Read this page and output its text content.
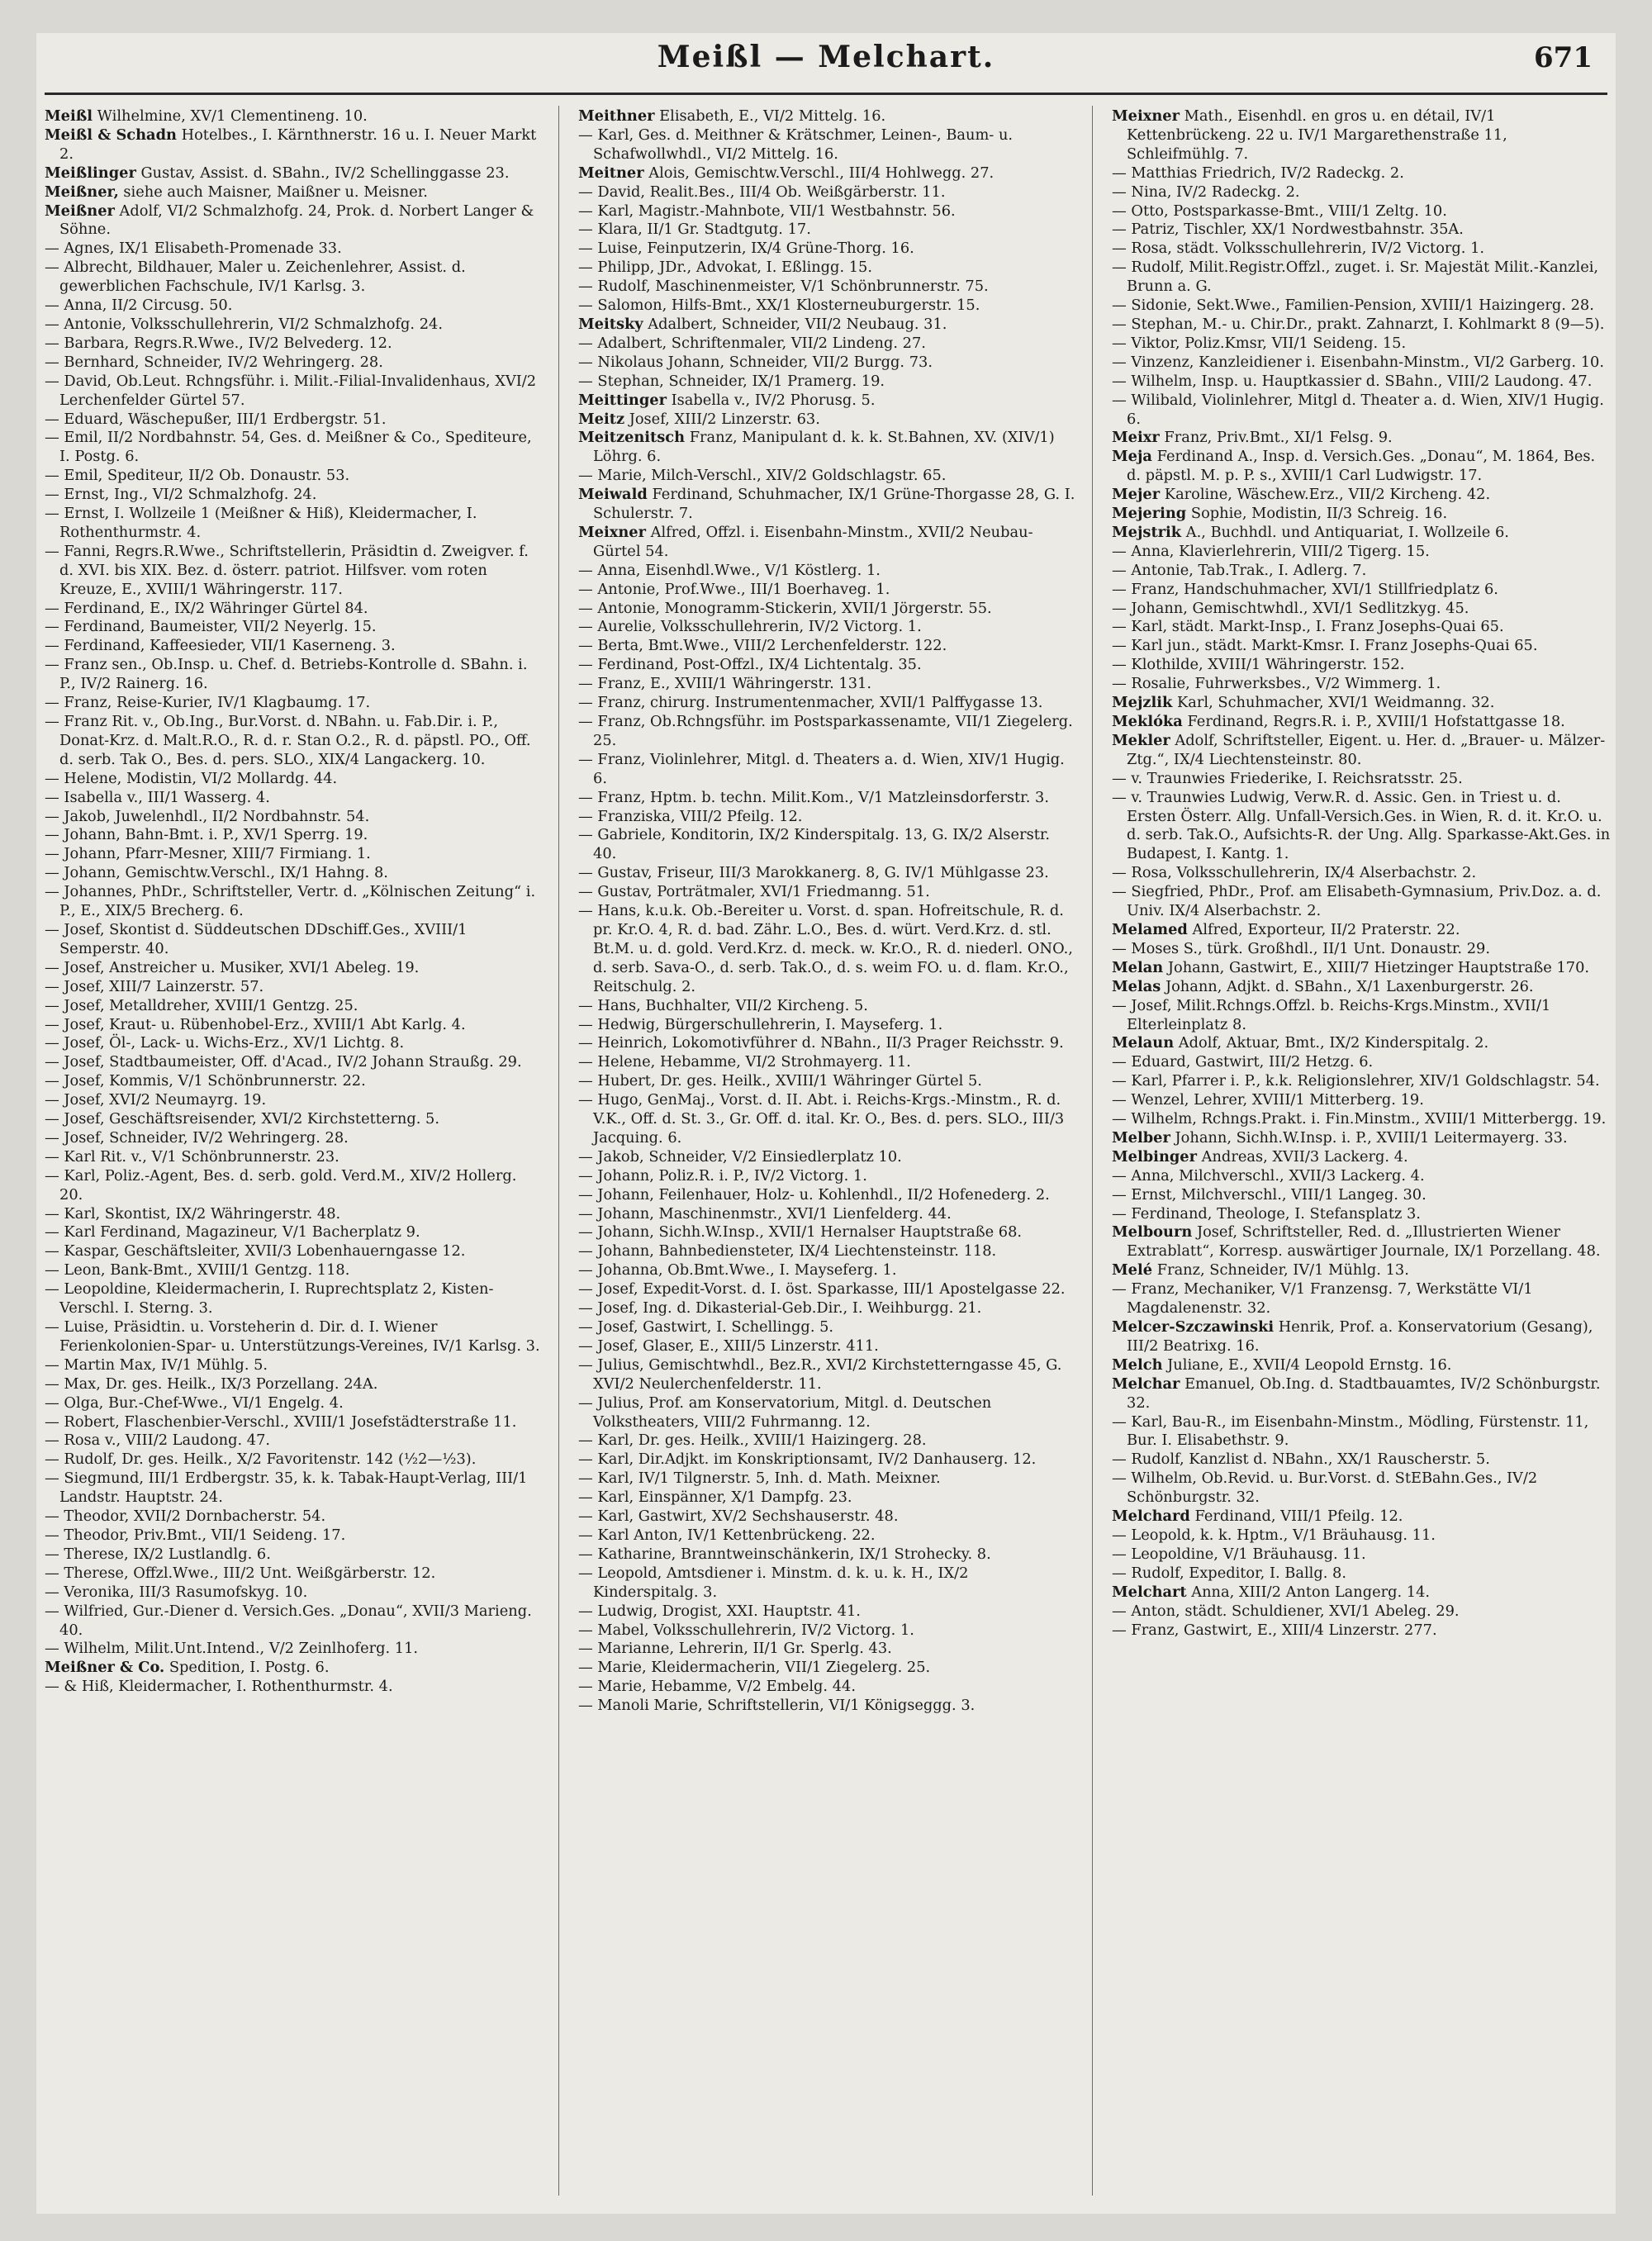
Meißl — Melchart.	671

Meißl Wilhelmine, XV/1 Clementineng. 10.

Meißl & Schadn Hotelbes., I. Kärnthnerstr. 16 u. I. Neuer Markt 2.

Meißlinger Gustav, Assist. d. SBahn., IV/2 Schellinggasse 23.

Meißner, siehe auch Maisner, Maißner u. Meisner.

Meißner Adolf, VI/2 Schmalzhofg. 24, Prok. d. Norbert Langer & Söhne.

— Agnes, IX/1 Elisabeth-Promenade 33.

— Albrecht, Bildhauer, Maler u. Zeichenlehrer, Assist. d. gewerblichen Fachschule, IV/1 Karlsg. 3.

— Anna, II/2 Circusg. 50.

— Antonie, Volksschullehrerin, VI/2 Schmalzhofg. 24.

— Barbara, Regrs.R.Wwe., IV/2 Belvederg. 12.

— Bernhard, Schneider, IV/2 Wehringerg. 28.

— David, Ob.Leut. Rchngsführ. i. Milit.-Filial-Invalidenhaus, XVI/2 Lerchenfelder Gürtel 57.

— Eduard, Wäschepußer, III/1 Erdbergstr. 51.

— Emil, II/2 Nordbahnstr. 54, Ges. d. Meißner & Co., Spediteure, I. Postg. 6.

— Emil, Spediteur, II/2 Ob. Donaustr. 53.

— Ernst, Ing., VI/2 Schmalzhofg. 24.

— Ernst, I. Wollzeile 1 (Meißner & Hiß), Kleidermacher, I. Rothenthurmstr. 4.

— Fanni, Regrs.R.Wwe., Schriftstellerin, Präsidtin d. Zweigver. f. d. XVI. bis XIX. Bez. d. österr. patriot. Hilfsver. vom roten Kreuze, E., XVIII/1 Währingerstr. 117.

— Ferdinand, E., IX/2 Währinger Gürtel 84.

— Ferdinand, Baumeister, VII/2 Neyerlg. 15.

— Ferdinand, Kaffeesieder, VII/1 Kaserneng. 3.

— Franz sen., Ob.Insp. u. Chef. d. Betriebs-Kontrolle d. SBahn. i. P., IV/2 Rainerg. 16.

— Franz, Reise-Kurier, IV/1 Klagbaumg. 17.

— Franz Rit. v., Ob.Ing., Bur.Vorst. d. NBahn. u. Fab.Dir. i. P., Donat-Krz. d. Malt.R.O., R. d. r. Stan O.2., R. d. päpstl. PO., Off. d. serb. Tak O., Bes. d. pers. SLO., XIX/4 Langackerg. 10.

— Helene, Modistin, VI/2 Mollardg. 44.

— Isabella v., III/1 Wasserg. 4.

— Jakob, Juwelenhdl., II/2 Nordbahnstr. 54.

— Johann, Bahn-Bmt. i. P., XV/1 Sperrg. 19.

— Johann, Pfarr-Mesner, XIII/7 Firmiang. 1.

— Johann, Gemischtw.Verschl., IX/1 Hahng. 8.

— Johannes, PhDr., Schriftsteller, Vertr. d. „Kölnischen Zeitung“ i. P., E., XIX/5 Brecherg. 6.

— Josef, Skontist d. Süddeutschen DDschiff.Ges., XVIII/1 Semperstr. 40.

— Josef, Anstreicher u. Musiker, XVI/1 Abeleg. 19.

— Josef, XIII/7 Lainzerstr. 57.

— Josef, Metalldreher, XVIII/1 Gentzg. 25.

— Josef, Kraut- u. Rübenhobel-Erz., XVIII/1 Abt Karlg. 4.

— Josef, Öl-, Lack- u. Wichs-Erz., XV/1 Lichtg. 8.

— Josef, Stadtbaumeister, Off. d'Acad., IV/2 Johann Straußg. 29.

— Josef, Kommis, V/1 Schönbrunnerstr. 22.

— Josef, XVI/2 Neumayrg. 19.

— Josef, Geschäftsreisender, XVI/2 Kirchstetterng. 5.

— Josef, Schneider, IV/2 Wehringerg. 28.

— Karl Rit. v., V/1 Schönbrunnerstr. 23.

— Karl, Poliz.-Agent, Bes. d. serb. gold. Verd.M., XIV/2 Hollerg. 20.

— Karl, Skontist, IX/2 Währingerstr. 48.

— Karl Ferdinand, Magazineur, V/1 Bacherplatz 9.

— Kaspar, Geschäftsleiter, XVII/3 Lobenhauerngasse 12.

— Leon, Bank-Bmt., XVIII/1 Gentzg. 118.

— Leopoldine, Kleidermacherin, I. Ruprechtsplatz 2, Kisten-Verschl. I. Sterng. 3.

— Luise, Präsidtin. u. Vorsteherin d. Dir. d. I. Wiener Ferienkolonien-Spar- u. Unterstützungs-Vereines, IV/1 Karlsg. 3.

— Martin Max, IV/1 Mühlg. 5.

— Max, Dr. ges. Heilk., IX/3 Porzellang. 24A.

— Olga, Bur.-Chef-Wwe., VI/1 Engelg. 4.

— Robert, Flaschenbier-Verschl., XVIII/1 Josefstädterstraße 11.

— Rosa v., VIII/2 Laudong. 47.

— Rudolf, Dr. ges. Heilk., X/2 Favoritenstr. 142 (½2—½3).

— Siegmund, III/1 Erdbergstr. 35, k. k. Tabak-Haupt-Verlag, III/1 Landstr. Hauptstr. 24.

— Theodor, XVII/2 Dornbacherstr. 54.

— Theodor, Priv.Bmt., VII/1 Seideng. 17.

— Therese, IX/2 Lustlandlg. 6.

— Therese, Offzl.Wwe., III/2 Unt. Weißgärberstr. 12.

— Veronika, III/3 Rasumofskyg. 10.

— Wilfried, Gur.-Diener d. Versich.Ges. „Donau“, XVII/3 Marieng. 40.

— Wilhelm, Milit.Unt.Intend., V/2 Zeinlhoferg. 11.

Meißner & Co. Spedition, I. Postg. 6.

— & Hiß, Kleidermacher, I. Rothenthurmstr. 4.

Meithner Elisabeth, E., VI/2 Mittelg. 16.

— Karl, Ges. d. Meithner & Krätschmer, Leinen-, Baum- u. Schafwollwhdl., VI/2 Mittelg. 16.

Meitner Alois, Gemischtw.Verschl., III/4 Hohlwegg. 27.

— David, Realit.Bes., III/4 Ob. Weißgärberstr. 11.

— Karl, Magistr.-Mahnbote, VII/1 Westbahnstr. 56.

— Klara, II/1 Gr. Stadtgutg. 17.

— Luise, Feinputzerin, IX/4 Grüne-Thorg. 16.

— Philipp, JDr., Advokat, I. Eßlingg. 15.

— Rudolf, Maschinenmeister, V/1 Schönbrunnerstr. 75.

— Salomon, Hilfs-Bmt., XX/1 Klosterneuburgerstr. 15.

Meitsky Adalbert, Schneider, VII/2 Neubaug. 31.

— Adalbert, Schriftenmaler, VII/2 Lindeng. 27.

— Nikolaus Johann, Schneider, VII/2 Burgg. 73.

— Stephan, Schneider, IX/1 Pramerg. 19.

Meittinger Isabella v., IV/2 Phorusg. 5.

Meitz Josef, XIII/2 Linzerstr. 63.

Meitzenitsch Franz, Manipulant d. k. k. St.Bahnen, XV. (XIV/1) Löhrg. 6.

— Marie, Milch-Verschl., XIV/2 Goldschlagstr. 65.

Meiwald Ferdinand, Schuhmacher, IX/1 Grüne-Thorgasse 28, G. I. Schulerstr. 7.

Meixner Alfred, Offzl. i. Eisenbahn-Minstm., XVII/2 Neubau-Gürtel 54.

— Anna, Eisenhdl.Wwe., V/1 Köstlerg. 1.

— Antonie, Prof.Wwe., III/1 Boerhaveg. 1.

— Antonie, Monogramm-Stickerin, XVII/1 Jörgerstr. 55.

— Aurelie, Volksschullehrerin, IV/2 Victorg. 1.

— Berta, Bmt.Wwe., VIII/2 Lerchenfelderstr. 122.

— Ferdinand, Post-Offzl., IX/4 Lichtentalg. 35.

— Franz, E., XVIII/1 Währingerstr. 131.

— Franz, chirurg. Instrumentenmacher, XVII/1 Palffygasse 13.

— Franz, Ob.Rchngsführ. im Postsparkassenamte, VII/1 Ziegelerg. 25.

— Franz, Violinlehrer, Mitgl. d. Theaters a. d. Wien, XIV/1 Hugig. 6.

— Franz, Hptm. b. techn. Milit.Kom., V/1 Matzleinsdorferstr. 3.

— Franziska, VIII/2 Pfeilg. 12.

— Gabriele, Konditorin, IX/2 Kinderspitalg. 13, G. IX/2 Alserstr. 40.

— Gustav, Friseur, III/3 Marokkanerg. 8, G. IV/1 Mühlgasse 23.

— Gustav, Porträtmaler, XVI/1 Friedmanng. 51.

— Hans, k.u.k. Ob.-Bereiter u. Vorst. d. span. Hofreitschule, R. d. pr. Kr.O. 4, R. d. bad. Zähr. L.O., Bes. d. würt. Verd.Krz. d. stl. Bt.M. u. d. gold. Verd.Krz. d. meck. w. Kr.O., R. d. niederl. ONO., d. serb. Sava-O., d. serb. Tak.O., d. s. weim FO. u. d. flam. Kr.O., Reitschulg. 2.

— Hans, Buchhalter, VII/2 Kircheng. 5.

— Hedwig, Bürgerschullehrerin, I. Mayseferg. 1.

— Heinrich, Lokomotivführer d. NBahn., II/3 Prager Reichsstr. 9.

— Helene, Hebamme, VI/2 Strohmayerg. 11.

— Hubert, Dr. ges. Heilk., XVIII/1 Währinger Gürtel 5.

— Hugo, GenMaj., Vorst. d. II. Abt. i. Reichs-Krgs.-Minstm., R. d. V.K., Off. d. St. 3., Gr. Off. d. ital. Kr. O., Bes. d. pers. SLO., III/3 Jacquing. 6.

— Jakob, Schneider, V/2 Einsiedlerplatz 10.

— Johann, Poliz.R. i. P., IV/2 Victorg. 1.

— Johann, Feilenhauer, Holz- u. Kohlenhdl., II/2 Hofenederg. 2.

— Johann, Maschinenmstr., XVI/1 Lienfelderg. 44.

— Johann, Sichh.W.Insp., XVII/1 Hernalser Hauptstraße 68.

— Johann, Bahnbediensteter, IX/4 Liechtensteinstr. 118.

— Johanna, Ob.Bmt.Wwe., I. Mayseferg. 1.

— Josef, Expedit-Vorst. d. I. öst. Sparkasse, III/1 Apostelgasse 22.

— Josef, Ing. d. Dikasterial-Geb.Dir., I. Weihburgg. 21.

— Josef, Gastwirt, I. Schellingg. 5.

— Josef, Glaser, E., XIII/5 Linzerstr. 411.

— Julius, Gemischtwhdl., Bez.R., XVI/2 Kirchstetterngasse 45, G. XVI/2 Neulerchenfelderstr. 11.

— Julius, Prof. am Konservatorium, Mitgl. d. Deutschen Volkstheaters, VIII/2 Fuhrmanng. 12.

— Karl, Dr. ges. Heilk., XVIII/1 Haizingerg. 28.

— Karl, Dir.Adjkt. im Konskriptionsamt, IV/2 Danhauserg. 12.

— Karl, IV/1 Tilgnerstr. 5, Inh. d. Math. Meixner.

— Karl, Einspänner, X/1 Dampfg. 23.

— Karl, Gastwirt, XV/2 Sechshauserstr. 48.

— Karl Anton, IV/1 Kettenbrückeng. 22.

— Katharine, Branntweinschänkerin, IX/1 Strohecky. 8.

— Leopold, Amtsdiener i. Minstm. d. k. u. k. H., IX/2 Kinderspitalg. 3.

— Ludwig, Drogist, XXI. Hauptstr. 41.

— Mabel, Volksschullehrerin, IV/2 Victorg. 1.

— Marianne, Lehrerin, II/1 Gr. Sperlg. 43.

— Marie, Kleidermacherin, VII/1 Ziegelerg. 25.

— Marie, Hebamme, V/2 Embelg. 44.

— Manoli Marie, Schriftstellerin, VI/1 Königseggg. 3.

Meixner Math., Eisenhdl. en gros u. en détail, IV/1 Kettenbrückeng. 22 u. IV/1 Margarethenstraße 11, Schleifmühlg. 7.

— Matthias Friedrich, IV/2 Radeckg. 2.

— Nina, IV/2 Radeckg. 2.

— Otto, Postsparkasse-Bmt., VIII/1 Zeltg. 10.

— Patriz, Tischler, XX/1 Nordwestbahnstr. 35A.

— Rosa, städt. Volksschullehrerin, IV/2 Victorg. 1.

— Rudolf, Milit.Registr.Offzl., zuget. i. Sr. Majestät Milit.-Kanzlei, Brunn a. G.

— Sidonie, Sekt.Wwe., Familien-Pension, XVIII/1 Haizingerg. 28.

— Stephan, M.- u. Chir.Dr., prakt. Zahnarzt, I. Kohlmarkt 8 (9—5).

— Viktor, Poliz.Kmsr, VII/1 Seideng. 15.

— Vinzenz, Kanzleidiener i. Eisenbahn-Minstm., VI/2 Garberg. 10.

— Wilhelm, Insp. u. Hauptkassier d. SBahn., VIII/2 Laudong. 47.

— Wilibald, Violinlehrer, Mitgl d. Theater a. d. Wien, XIV/1 Hugig. 6.

Meixr Franz, Priv.Bmt., XI/1 Felsg. 9.

Meja Ferdinand A., Insp. d. Versich.Ges. „Donau“, M. 1864, Bes. d. päpstl. M. p. P. s., XVIII/1 Carl Ludwigstr. 17.

Mejer Karoline, Wäschew.Erz., VII/2 Kircheng. 42.

Mejering Sophie, Modistin, II/3 Schreig. 16.

Mejstrik A., Buchhdl. und Antiquariat, I. Wollzeile 6.

— Anna, Klavierlehrerin, VIII/2 Tigerg. 15.

— Antonie, Tab.Trak., I. Adlerg. 7.

— Franz, Handschuhmacher, XVI/1 Stillfriedplatz 6.

— Johann, Gemischtwhdl., XVI/1 Sedlitzkyg. 45.

— Karl, städt. Markt-Insp., I. Franz Josephs-Quai 65.

— Karl jun., städt. Markt-Kmsr. I. Franz Josephs-Quai 65.

— Klothilde, XVIII/1 Währingerstr. 152.

— Rosalie, Fuhrwerksbes., V/2 Wimmerg. 1.

Mejzlik Karl, Schuhmacher, XVI/1 Weidmanng. 32.

Meklóka Ferdinand, Regrs.R. i. P., XVIII/1 Hofstattgasse 18.

Mekler Adolf, Schriftsteller, Eigent. u. Her. d. „Brauer- u. Mälzer-Ztg.“, IX/4 Liechtensteinstr. 80.

— v. Traunwies Friederike, I. Reichsratsstr. 25.

— v. Traunwies Ludwig, Verw.R. d. Assic. Gen. in Triest u. d. Ersten Österr. Allg. Unfall-Versich.Ges. in Wien, R. d. it. Kr.O. u. d. serb. Tak.O., Aufsichts-R. der Ung. Allg. Sparkasse-Akt.Ges. in Budapest, I. Kantg. 1.

— Rosa, Volksschullehrerin, IX/4 Alserbachstr. 2.

— Siegfried, PhDr., Prof. am Elisabeth-Gymnasium, Priv.Doz. a. d. Univ. IX/4 Alserbachstr. 2.

Melamed Alfred, Exporteur, II/2 Praterstr. 22.

— Moses S., türk. Großhdl., II/1 Unt. Donaustr. 29.

Melan Johann, Gastwirt, E., XIII/7 Hietzinger Hauptstraße 170.

Melas Johann, Adjkt. d. SBahn., X/1 Laxenburgerstr. 26.

— Josef, Milit.Rchngs.Offzl. b. Reichs-Krgs.Minstm., XVII/1 Elterleinplatz 8.

Melaun Adolf, Aktuar, Bmt., IX/2 Kinderspitalg. 2.

— Eduard, Gastwirt, III/2 Hetzg. 6.

— Karl, Pfarrer i. P., k.k. Religionslehrer, XIV/1 Goldschlagstr. 54.

— Wenzel, Lehrer, XVIII/1 Mitterberg. 19.

— Wilhelm, Rchngs.Prakt. i. Fin.Minstm., XVIII/1 Mitterbergg. 19.

Melber Johann, Sichh.W.Insp. i. P., XVIII/1 Leitermayerg. 33.

Melbinger Andreas, XVII/3 Lackerg. 4.

— Anna, Milchverschl., XVII/3 Lackerg. 4.

— Ernst, Milchverschl., VIII/1 Langeg. 30.

— Ferdinand, Theologe, I. Stefansplatz 3.

Melbourn Josef, Schriftsteller, Red. d. „Illustrierten Wiener Extrablatt“, Korresp. auswärtiger Journale, IX/1 Porzellang. 48.

Melé Franz, Schneider, IV/1 Mühlg. 13.

— Franz, Mechaniker, V/1 Franzensg. 7, Werkstätte VI/1 Magdalenenstr. 32.

Melcer-Szczawinski Henrik, Prof. a. Konservatorium (Gesang), III/2 Beatrixg. 16.

Melch Juliane, E., XVII/4 Leopold Ernstg. 16.

Melchar Emanuel, Ob.Ing. d. Stadtbauamtes, IV/2 Schönburgstr. 32.

— Karl, Bau-R., im Eisenbahn-Minstm., Mödling, Fürstenstr. 11, Bur. I. Elisabethstr. 9.

— Rudolf, Kanzlist d. NBahn., XX/1 Rauscherstr. 5.

— Wilhelm, Ob.Revid. u. Bur.Vorst. d. StEBahn.Ges., IV/2 Schönburgstr. 32.

Melchard Ferdinand, VIII/1 Pfeilg. 12.

— Leopold, k. k. Hptm., V/1 Bräuhausg. 11.

— Leopoldine, V/1 Bräuhausg. 11.

— Rudolf, Expeditor, I. Ballg. 8.

Melchart Anna, XIII/2 Anton Langerg. 14.

— Anton, städt. Schuldiener, XVI/1 Abeleg. 29.

— Franz, Gastwirt, E., XIII/4 Linzerstr. 277.
